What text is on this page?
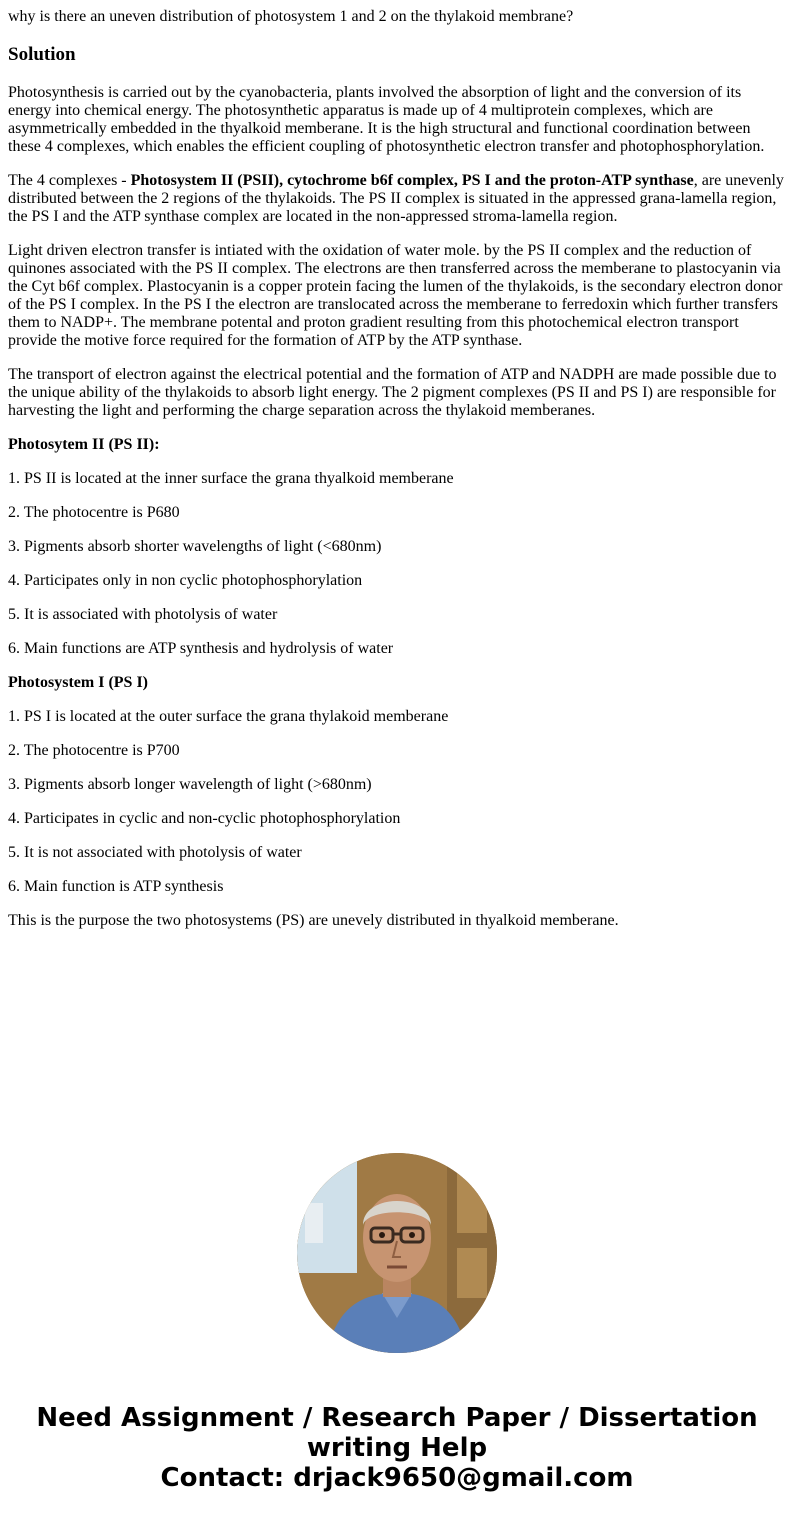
why is there an uneven distribution of photosystem 1 and 2 on the thylakoid membrane?
Solution

Photosynthesis is carried out by the cyanobacteria, plants involved the absorption of light and the conversion of its energy into chemical energy. The photosynthetic apparatus is made up of 4 multiprotein complexes, which are asymmetrically embedded in the thyalkoid memberane. It is the high structural and functional coordination between these 4 complexes, which enables the efficient coupling of photosynthetic electron transfer and photophosphorylation.

The 4 complexes - Photosystem II (PSII), cytochrome b6f complex, PS I and the proton-ATP synthase, are unevenly distributed between the 2 regions of the thylakoids. The PS II complex is situated in the appressed grana-lamella region, the PS I and the ATP synthase complex are located in the non-appressed stroma-lamella region.

Light driven electron transfer is intiated with the oxidation of water mole. by the PS II complex and the reduction of quinones associated with the PS II complex. The electrons are then transferred across the memberane to plastocyanin via the Cyt b6f complex. Plastocyanin is a copper protein facing the lumen of the thylakoids, is the secondary electron donor of the PS I complex. In the PS I the electron are translocated across the memberane to ferredoxin which further transfers them to NADP+. The membrane potental and proton gradient resulting from this photochemical electron transport provide the motive force required for the formation of ATP by the ATP synthase.

The transport of electron against the electrical potential and the formation of ATP and NADPH are made possible due to the unique ability of the thylakoids to absorb light energy. The 2 pigment complexes (PS II and PS I) are responsible for harvesting the light and performing the charge separation across the thylakoid memberanes.

Photosytem II (PS II):

1. PS II is located at the inner surface the grana thyalkoid memberane

2. The photocentre is P680

3. Pigments absorb shorter wavelengths of light (<680nm)

4. Participates only in non cyclic photophosphorylation

5. It is associated with photolysis of water

6. Main functions are ATP synthesis and hydrolysis of water

Photosystem I (PS I)

1. PS I is located at the outer surface the grana thylakoid memberane

2. The photocentre is P700

3. Pigments absorb longer wavelength of light (>680nm)

4. Participates in cyclic and non-cyclic photophosphorylation

5. It is not associated with photolysis of water

6. Main function is ATP synthesis

This is the purpose the two photosystems (PS) are unevely distributed in thyalkoid memberane.

Need Assignment / Research Paper / Dissertation
writing Help
Contact: drjack9650@gmail.com
